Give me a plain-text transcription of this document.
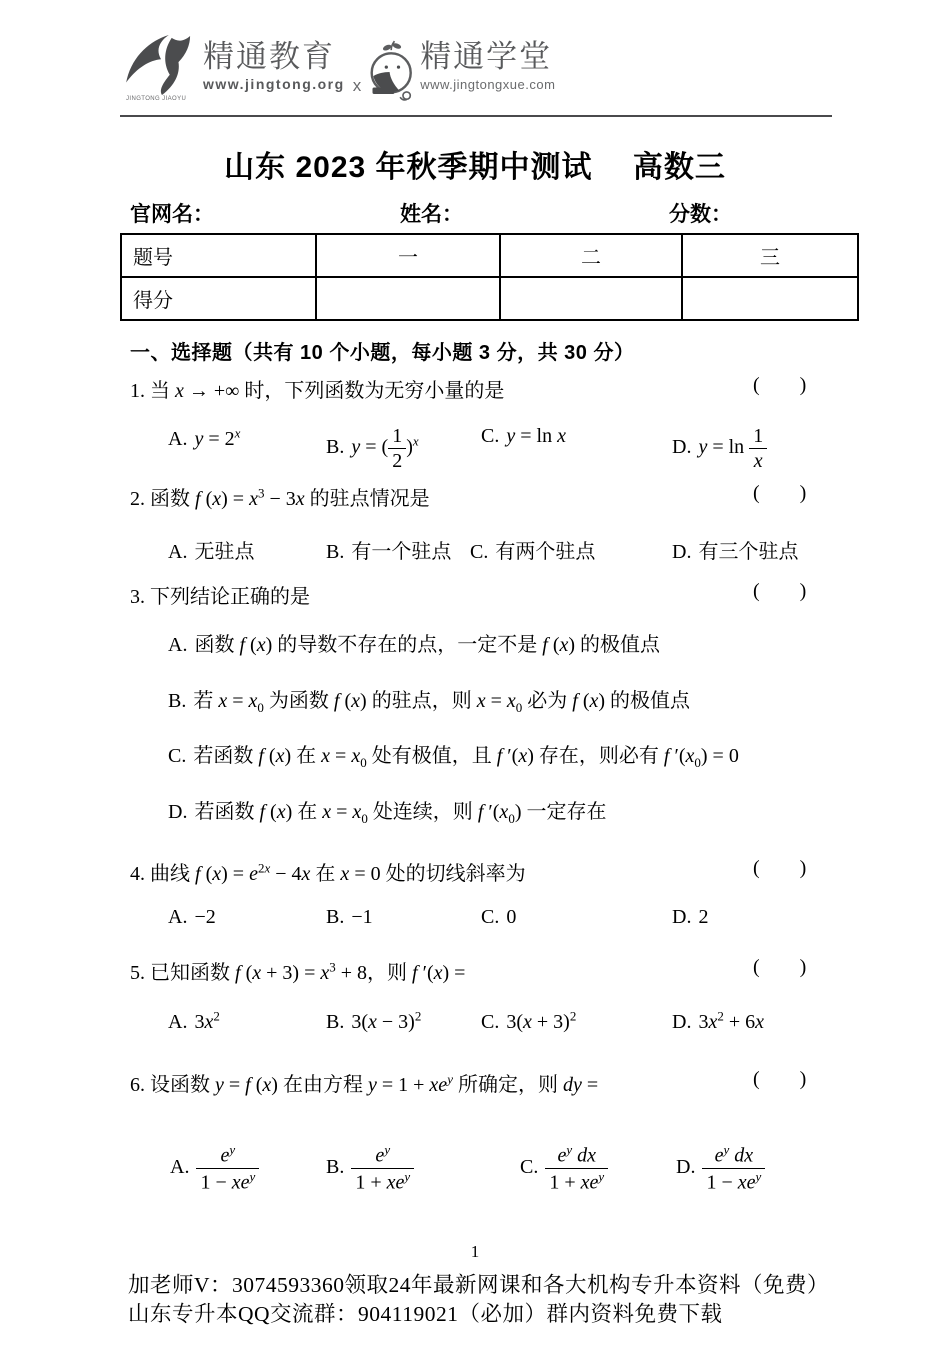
精通教育
www.jingtong.org x
精通学堂
www.jingtongxue.com
JINGTONG JIAOYU
山东 2023 年秋季期中测试　 高数三
官网名：	姓名：	分数：
题号	一	二	三
得分			
一、选择题（共有 10 个小题，每小题 3 分，共 30 分）
1. 当 x → +∞ 时，下列函数为无穷小量的是	(        )
A. $y = 2^x$
B. y = ( $\frac{1}{2} )^x$	C. y = ln x
D. $y = \ln \frac{1}{x}$
2. 函数 f $(x) = x^3 - 3x$ 的驻点情况是	(        )
A. 无驻点	B. 有一个驻点 C. 有两个驻点	D. 有三个驻点
3. 下列结论正确的是	(        )
A. 函数 f (x) 的导数不存在的点，一定不是 f (x) 的极值点
B. 若 $x = x_0$ 为函数 f (x) 的驻点，则 $x = x_0$ 必为 f (x) 的极值点
C. 若函数 f (x) 在 $x = x_0$ 处有极值，且 f ′(x) 存在，则必有 f $'(x_0) = 0$
D. 若函数 f (x) 在 $x = x_0$ 处连续，则 f $'(x_0)$ 一定存在
4. 曲线 f $(x) = e^{2x} - 4x$ 在 x = 0 处的切线斜率为	(        )
A. −2	B. −1	C. 0	D. 2
5. 已知函数 f $(x + 3) = x^3 + 8$，则 f ′(x) =	(        )
A. $3x^2$	B. $3(x - 3)^2$	C. $3(x + 3)^2$	D. $3x^2 + 6x$
6. 设函数 y = f (x) 在由方程 $y = 1 + xe^y$ 所确定，则 dy =	(        )
A. $\frac{e^y}{1 - xe^y}$	B. $\frac{e^y}{1 + xe^y}$	C. $\frac{e^y dx}{1 + xe^y}$	D. $\frac{e^y dx}{1 - xe^y}$
1
加老师V：3074593360领取24年最新网课和各大机构专升本资料（免费）
山东专升本QQ交流群：904119021（必加）群内资料免费下载
